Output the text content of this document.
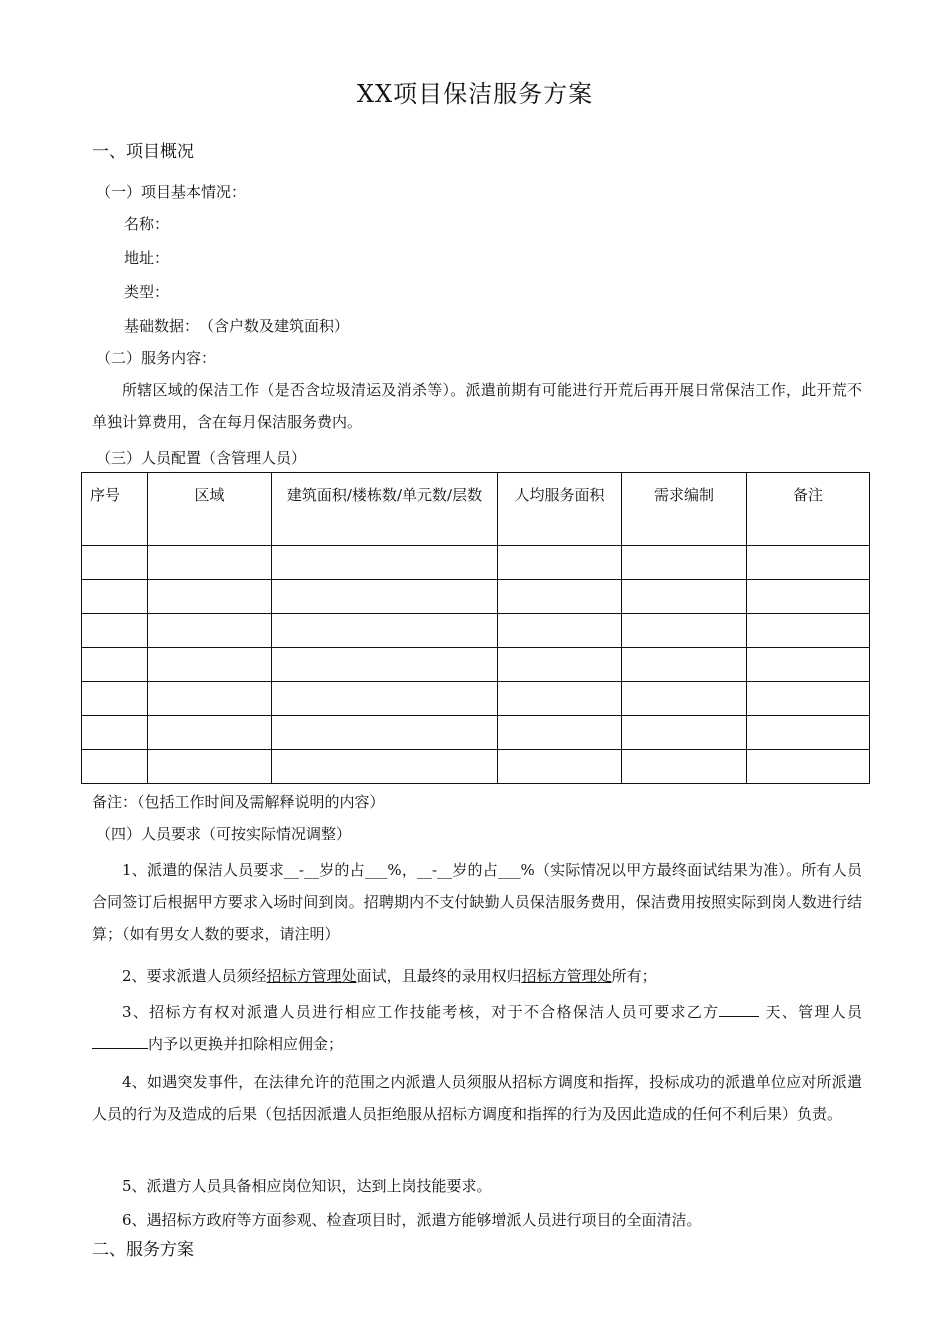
XX项目保洁服务方案
一、项目概况
（一）项目基本情况：
名称：
地址：
类型：
基础数据：　（含户数及建筑面积）
（二）服务内容：
所辖区域的保洁工作（是否含垃圾清运及消杀等）。派遣前期有可能进行开荒后再开展日常保洁工作，此开荒不单独计算费用，含在每月保洁服务费内。
（三）人员配置（含管理人员）
序号	区域	建筑面积/楼栋数/单元数/层数	人均服务面积	需求编制	备注

备注：（包括工作时间及需解释说明的内容）
（四）人员要求（可按实际情况调整）
1、派遣的保洁人员要求__-__岁的占___%，__-__岁的占___%（实际情况以甲方最终面试结果为准）。所有人员合同签订后根据甲方要求入场时间到岗。招聘期内不支付缺勤人员保洁服务费用，保洁费用按照实际到岗人数进行结算；（如有男女人数的要求，请注明）
2、要求派遣人员须经招标方管理处面试，且最终的录用权归招标方管理处所有；
3、招标方有权对派遣人员进行相应工作技能考核，对于不合格保洁人员可要求乙方	天、管理人员内予以更换并扣除相应佣金；
4、如遇突发事件，在法律允许的范围之内派遣人员须服从招标方调度和指挥，投标成功的派遣单位应对所派遣人员的行为及造成的后果（包括因派遣人员拒绝服从招标方调度和指挥的行为及因此造成的任何不利后果）负责。
5、派遣方人员具备相应岗位知识，达到上岗技能要求。
6、遇招标方政府等方面参观、检查项目时，派遣方能够增派人员进行项目的全面清洁。
二、服务方案
